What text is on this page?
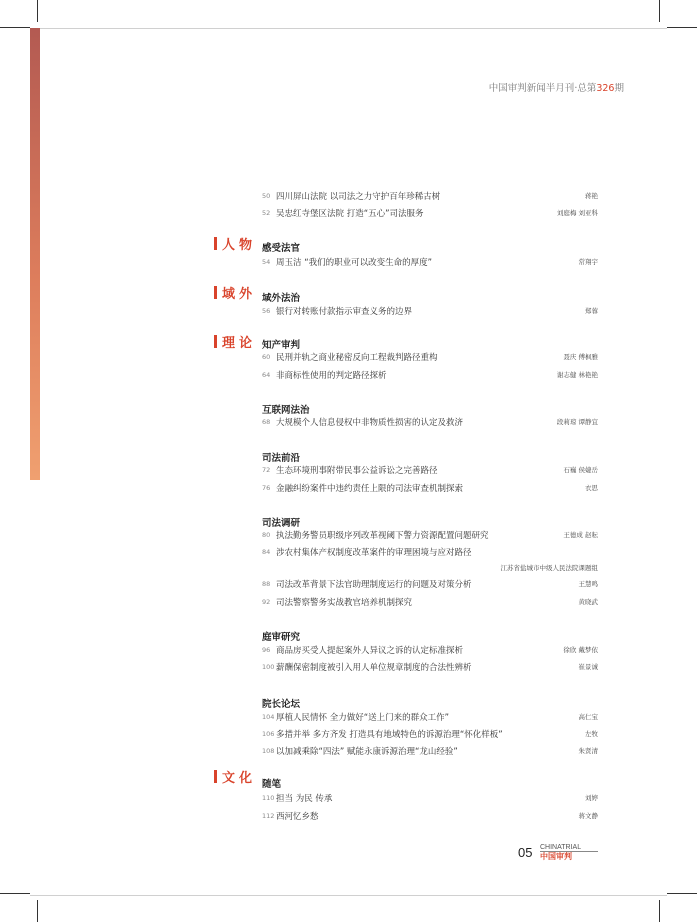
中国审判新闻半月刊·总第326期
人物
域外
理论
文化
50 四川屏山法院 以司法之力守护百年珍稀古树	蒋艳
52 吴忠红寺堡区法院 打造“五心”司法服务	刘庭梅 刘亚科
感受法官
54 周玉洁 “我们的职业可以改变生命的厚度”	常翔宇
域外法治
56 银行对转账付款指示审查义务的边界	郑蓉
知产审判
60 民刑并轨之商业秘密反向工程裁判路径重构	聂庆 傅枫雅
64 非商标性使用的判定路径探析	谢志健 林艳艳
互联网法治
68 大规模个人信息侵权中非物质性损害的认定及救济	段莉琼 谭静宜
司法前沿
72 生态环境刑事附带民事公益诉讼之完善路径	石巍 侯婕岳
76 金融纠纷案件中违约责任上限的司法审查机制探索	衣思
司法调研
80 执法勤务警员职级序列改革视阈下警力资源配置问题研究	王德成 赵耘
84 涉农村集体产权制度改革案件的审理困境与应对路径
江苏省盐城市中级人民法院课题组
88 司法改革背景下法官助理制度运行的问题及对策分析	王慧鸣
92 司法警察警务实战教官培养机制探究	黄晓武
庭审研究
96 商品房买受人提起案外人异议之诉的认定标准探析	徐欣 戴梦依
100 薪酬保密制度被引入用人单位规章制度的合法性辨析	崔景诚
院长论坛
104 厚植人民情怀 全力做好“送上门来的群众工作”	高仁宝
106 多措并举 多方齐发 打造具有地域特色的诉源治理“怀化样板”	左牧
108 以加减乘除“四法” 赋能永康诉源治理“龙山经验”	朱贤清
随笔
110 担当 为民 传承	刘婷
112 西河忆乡愁	蒋文静
05 CHINATRIAL
中国审判
